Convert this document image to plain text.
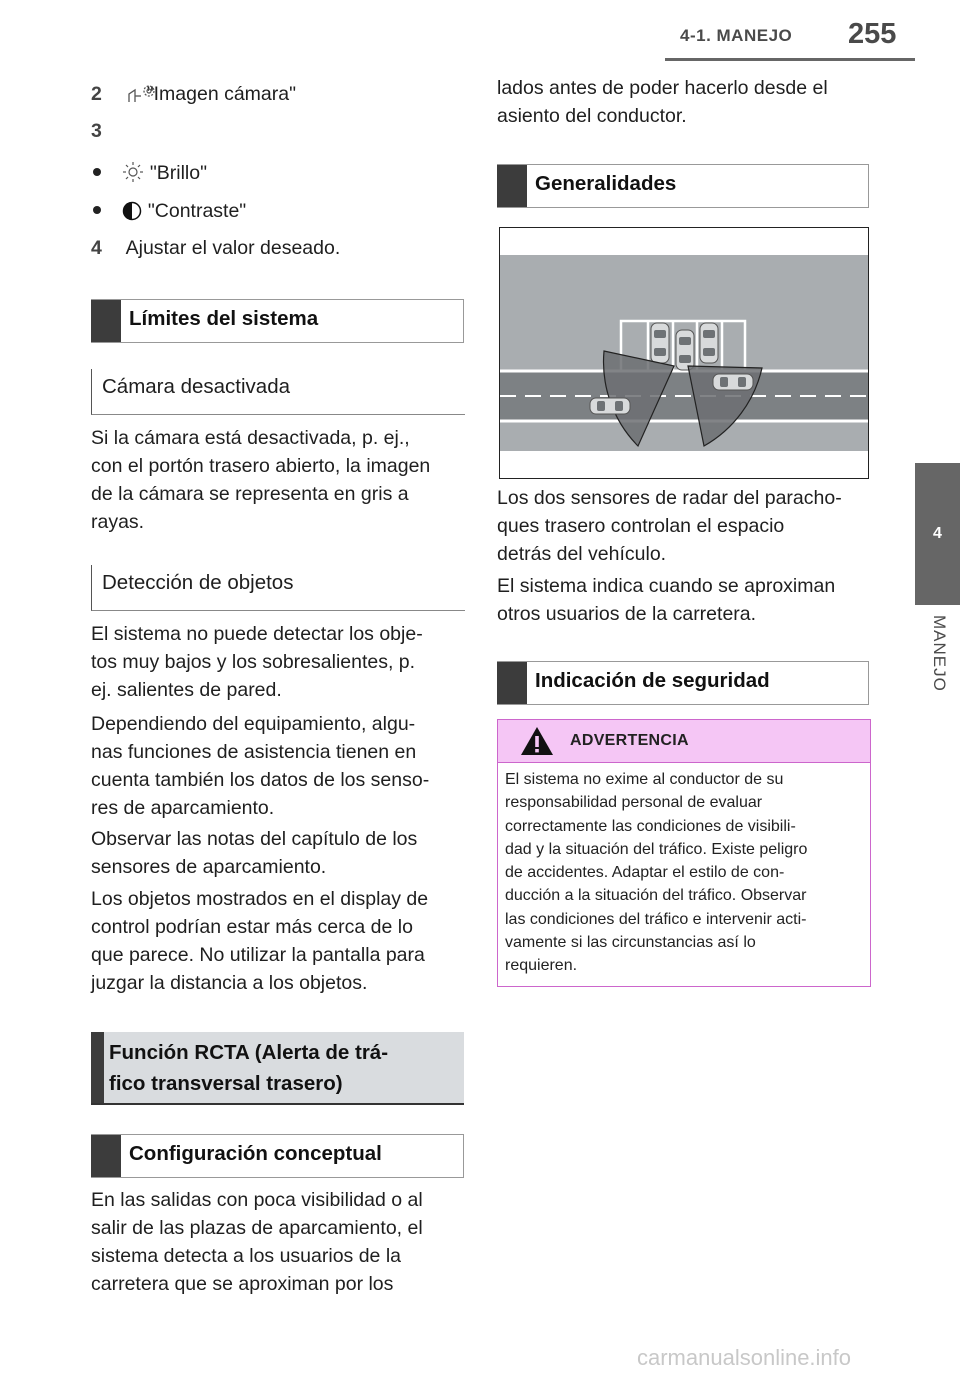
4-1. MANEJO 255
4
MANEJO
2 "Imagen cámara"
3
"Brillo"
"Contraste"
4 Ajustar el valor deseado.
Límites del sistema
Cámara desactivada
Si la cámara está desactivada, p. ej.,
con el portón trasero abierto, la imagen
de la cámara se representa en gris a
rayas.
Detección de objetos
El sistema no puede detectar los obje-
tos muy bajos y los sobresalientes, p.
ej. salientes de pared.
Dependiendo del equipamiento, algu-
nas funciones de asistencia tienen en
cuenta también los datos de los senso-
res de aparcamiento.
Observar las notas del capítulo de los
sensores de aparcamiento.
Los objetos mostrados en el display de
control podrían estar más cerca de lo
que parece. No utilizar la pantalla para
juzgar la distancia a los objetos.
Función RCTA (Alerta de trá-
fico transversal trasero)
Configuración conceptual
En las salidas con poca visibilidad o al
salir de las plazas de aparcamiento, el
sistema detecta a los usuarios de la
carretera que se aproximan por los
lados antes de poder hacerlo desde el
asiento del conductor.
Generalidades
Los dos sensores de radar del paracho-
ques trasero controlan el espacio
detrás del vehículo.
El sistema indica cuando se aproximan
otros usuarios de la carretera.
Indicación de seguridad
ADVERTENCIA
El sistema no exime al conductor de su
responsabilidad personal de evaluar
correctamente las condiciones de visibili-
dad y la situación del tráfico. Existe peligro
de accidentes. Adaptar el estilo de con-
ducción a la situación del tráfico. Observar
las condiciones del tráfico e intervenir acti-
vamente si las circunstancias así lo
requieren.
carmanualsonline.info
